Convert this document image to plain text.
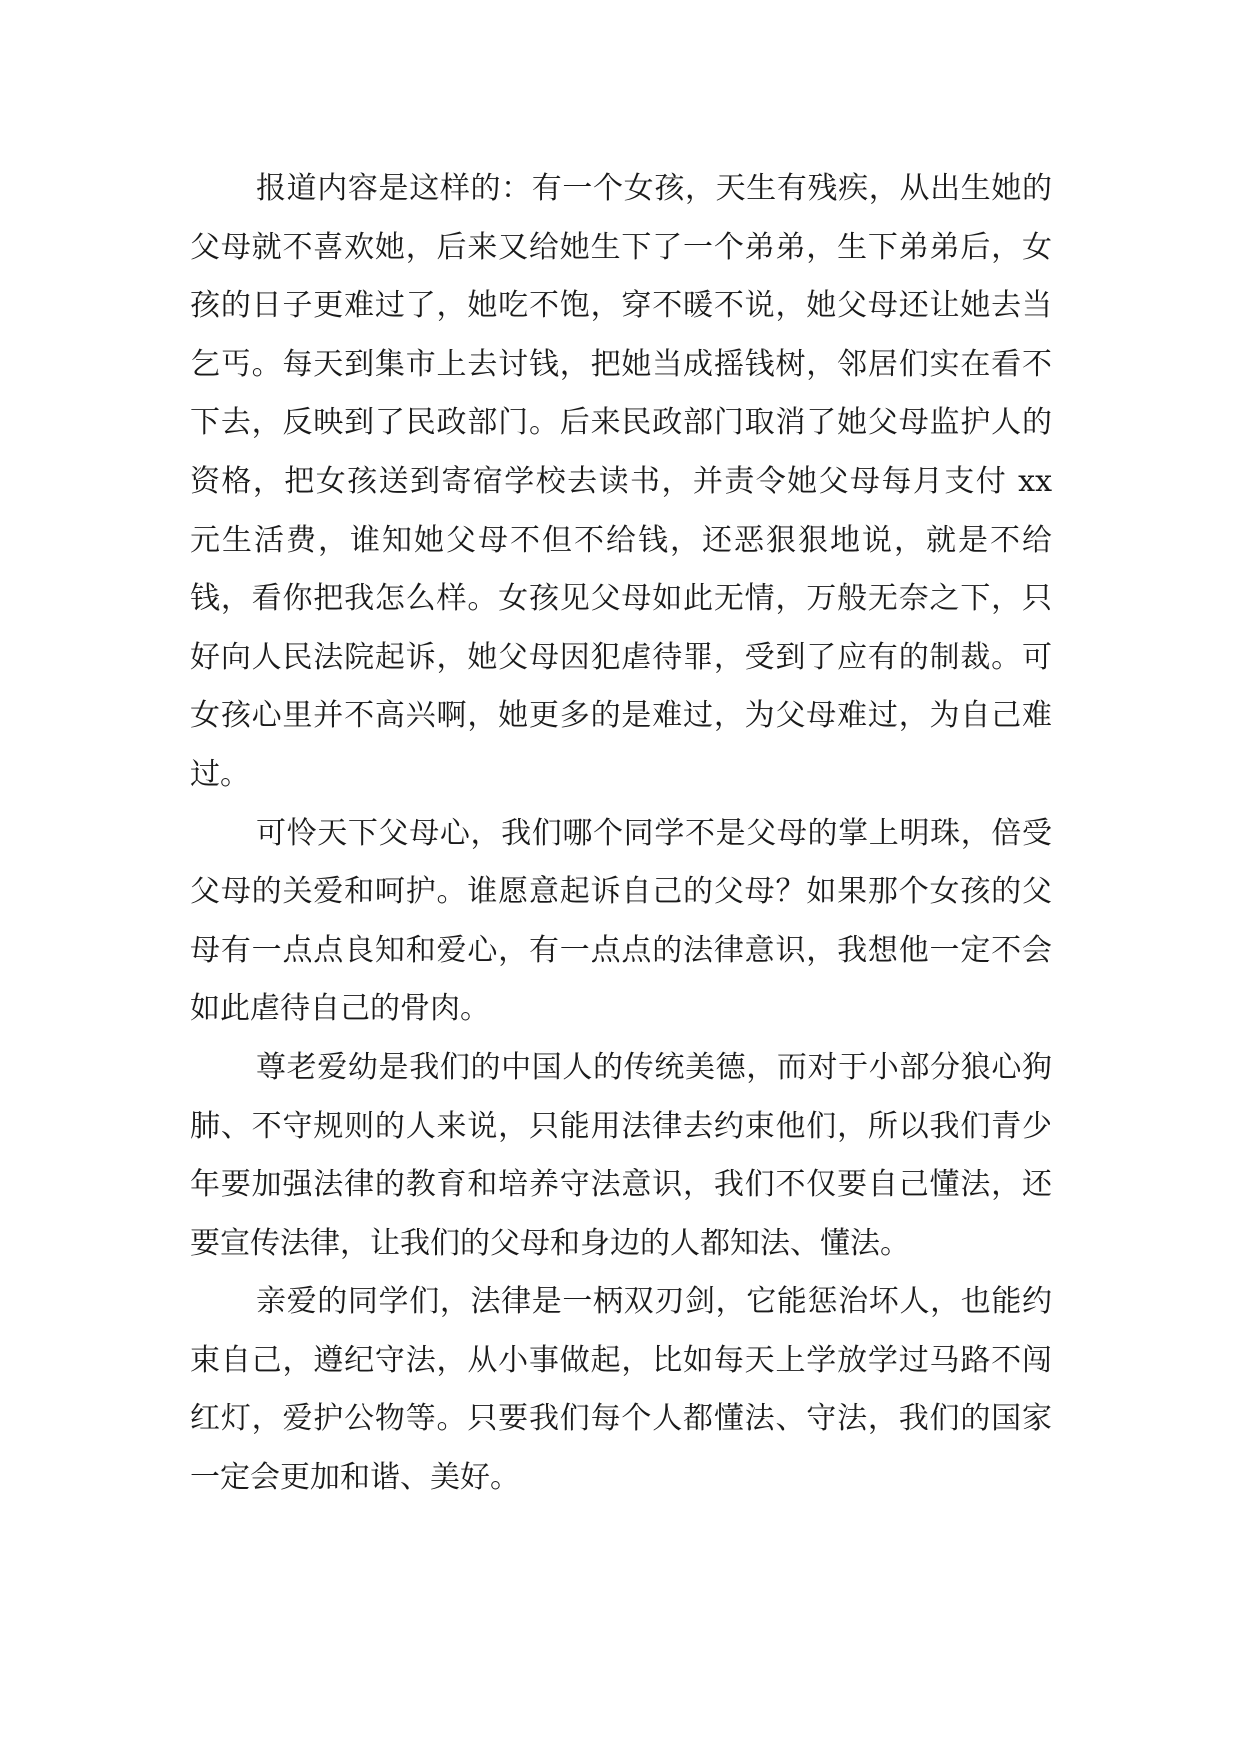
报道内容是这样的：有一个女孩，天生有残疾，从出生她的父母就不喜欢她，后来又给她生下了一个弟弟，生下弟弟后，女孩的日子更难过了，她吃不饱，穿不暖不说，她父母还让她去当乞丐。每天到集市上去讨钱，把她当成摇钱树，邻居们实在看不下去，反映到了民政部门。后来民政部门取消了她父母监护人的资格，把女孩送到寄宿学校去读书，并责令她父母每月支付 xx 元生活费，谁知她父母不但不给钱，还恶狠狠地说，就是不给钱，看你把我怎么样。女孩见父母如此无情，万般无奈之下，只好向人民法院起诉，她父母因犯虐待罪，受到了应有的制裁。可女孩心里并不高兴啊，她更多的是难过，为父母难过，为自己难过。

可怜天下父母心，我们哪个同学不是父母的掌上明珠，倍受父母的关爱和呵护。谁愿意起诉自己的父母？如果那个女孩的父母有一点点良知和爱心，有一点点的法律意识，我想他一定不会如此虐待自己的骨肉。

尊老爱幼是我们的中国人的传统美德，而对于小部分狼心狗肺、不守规则的人来说，只能用法律去约束他们，所以我们青少年要加强法律的教育和培养守法意识，我们不仅要自己懂法，还要宣传法律，让我们的父母和身边的人都知法、懂法。

亲爱的同学们，法律是一柄双刃剑，它能惩治坏人，也能约束自己，遵纪守法，从小事做起，比如每天上学放学过马路不闯红灯，爱护公物等。只要我们每个人都懂法、守法，我们的国家一定会更加和谐、美好。
